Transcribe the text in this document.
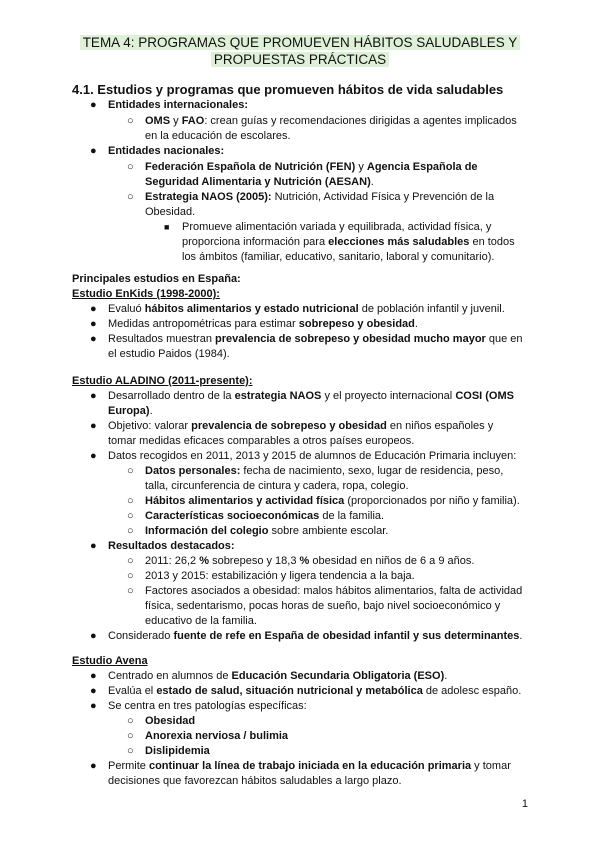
TEMA 4: PROGRAMAS QUE PROMUEVEN HÁBITOS SALUDABLES Y
PROPUESTAS PRÁCTICAS
4.1. Estudios y programas que promueven hábitos de vida saludables
● Entidades internacionales:
○ OMS y FAO: crean guías y recomendaciones dirigidas a agentes implicados
en la educación de escolares.
● Entidades nacionales:
○ Federación Española de Nutrición (FEN) y Agencia Española de
Seguridad Alimentaria y Nutrición (AESAN).
○ Estrategia NAOS (2005): Nutrición, Actividad Física y Prevención de la
Obesidad.
■ Promueve alimentación variada y equilibrada, actividad física, y
proporciona información para elecciones más saludables en todos
los ámbitos (familiar, educativo, sanitario, laboral y comunitario).
Principales estudios en España:
Estudio EnKids (1998-2000):
● Evaluó hábitos alimentarios y estado nutricional de población infantil y juvenil.
● Medidas antropométricas para estimar sobrepeso y obesidad.
● Resultados muestran prevalencia de sobrepeso y obesidad mucho mayor que en
el estudio Paidos (1984).
Estudio ALADINO (2011-presente):
● Desarrollado dentro de la estrategia NAOS y el proyecto internacional COSI (OMS
Europa).
● Objetivo: valorar prevalencia de sobrepeso y obesidad en niños españoles y
tomar medidas eficaces comparables a otros países europeos.
● Datos recogidos en 2011, 2013 y 2015 de alumnos de Educación Primaria incluyen:
○ Datos personales: fecha de nacimiento, sexo, lugar de residencia, peso,
talla, circunferencia de cintura y cadera, ropa, colegio.
○ Hábitos alimentarios y actividad física (proporcionados por niño y familia).
○ Características socioeconómicas de la familia.
○ Información del colegio sobre ambiente escolar.
● Resultados destacados:
○ 2011: 26,2 % sobrepeso y 18,3 % obesidad en niños de 6 a 9 años.
○ 2013 y 2015: estabilización y ligera tendencia a la baja.
○ Factores asociados a obesidad: malos hábitos alimentarios, falta de actividad
física, sedentarismo, pocas horas de sueño, bajo nivel socioeconómico y
educativo de la familia.
● Considerado fuente de refe en España de obesidad infantil y sus determinantes.
Estudio Avena
● Centrado en alumnos de Educación Secundaria Obligatoria (ESO).
● Evalúa el estado de salud, situación nutricional y metabólica de adolesc españo.
● Se centra en tres patologías específicas:
○ Obesidad
○ Anorexia nerviosa / bulimia
○ Dislipidemia
● Permite continuar la línea de trabajo iniciada en la educación primaria y tomar
decisiones que favorezcan hábitos saludables a largo plazo.
1
